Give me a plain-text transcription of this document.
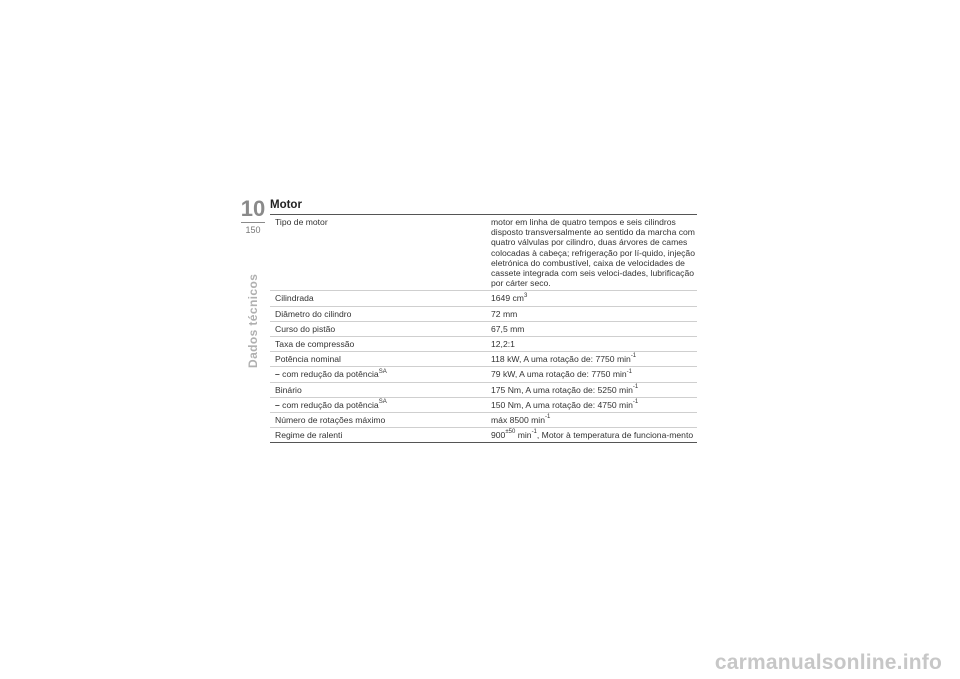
10
150
Dados técnicos
Motor
Tipo de motor	motor em linha de quatro tempos e seis cilindros disposto transversalmente ao sentido da marcha com quatro válvulas por cilindro, duas árvores de cames colocadas à cabeça; refrigeração por lí-quido, injeção eletrónica do combustível, caixa de velocidades de cassete integrada com seis veloci-dades, lubrificação por cárter seco.
Cilindrada	1649 $cm^3$
Diâmetro do cilindro	72 mm
Curso do pistão	67,5 mm
Taxa de compressão	12,2:1
Potência nominal	118 kW, A uma rotação de: 7750 $\min^{-1}$
– com redução da potência$^{SA}$	79 kW, A uma rotação de: 7750 $\min^{-1}$
Binário	175 Nm, A uma rotação de: 5250 $\min^{-1}$
– com redução da potência$^{SA}$	150 Nm, A uma rotação de: 4750 $\min^{-1}$
Número de rotações máximo	máx 8500 $\min^{-1}$
Regime de ralenti	$900^{\pm 50}$ $\min^{-1}$, Motor à temperatura de funciona-mento
carmanualsonline.info
